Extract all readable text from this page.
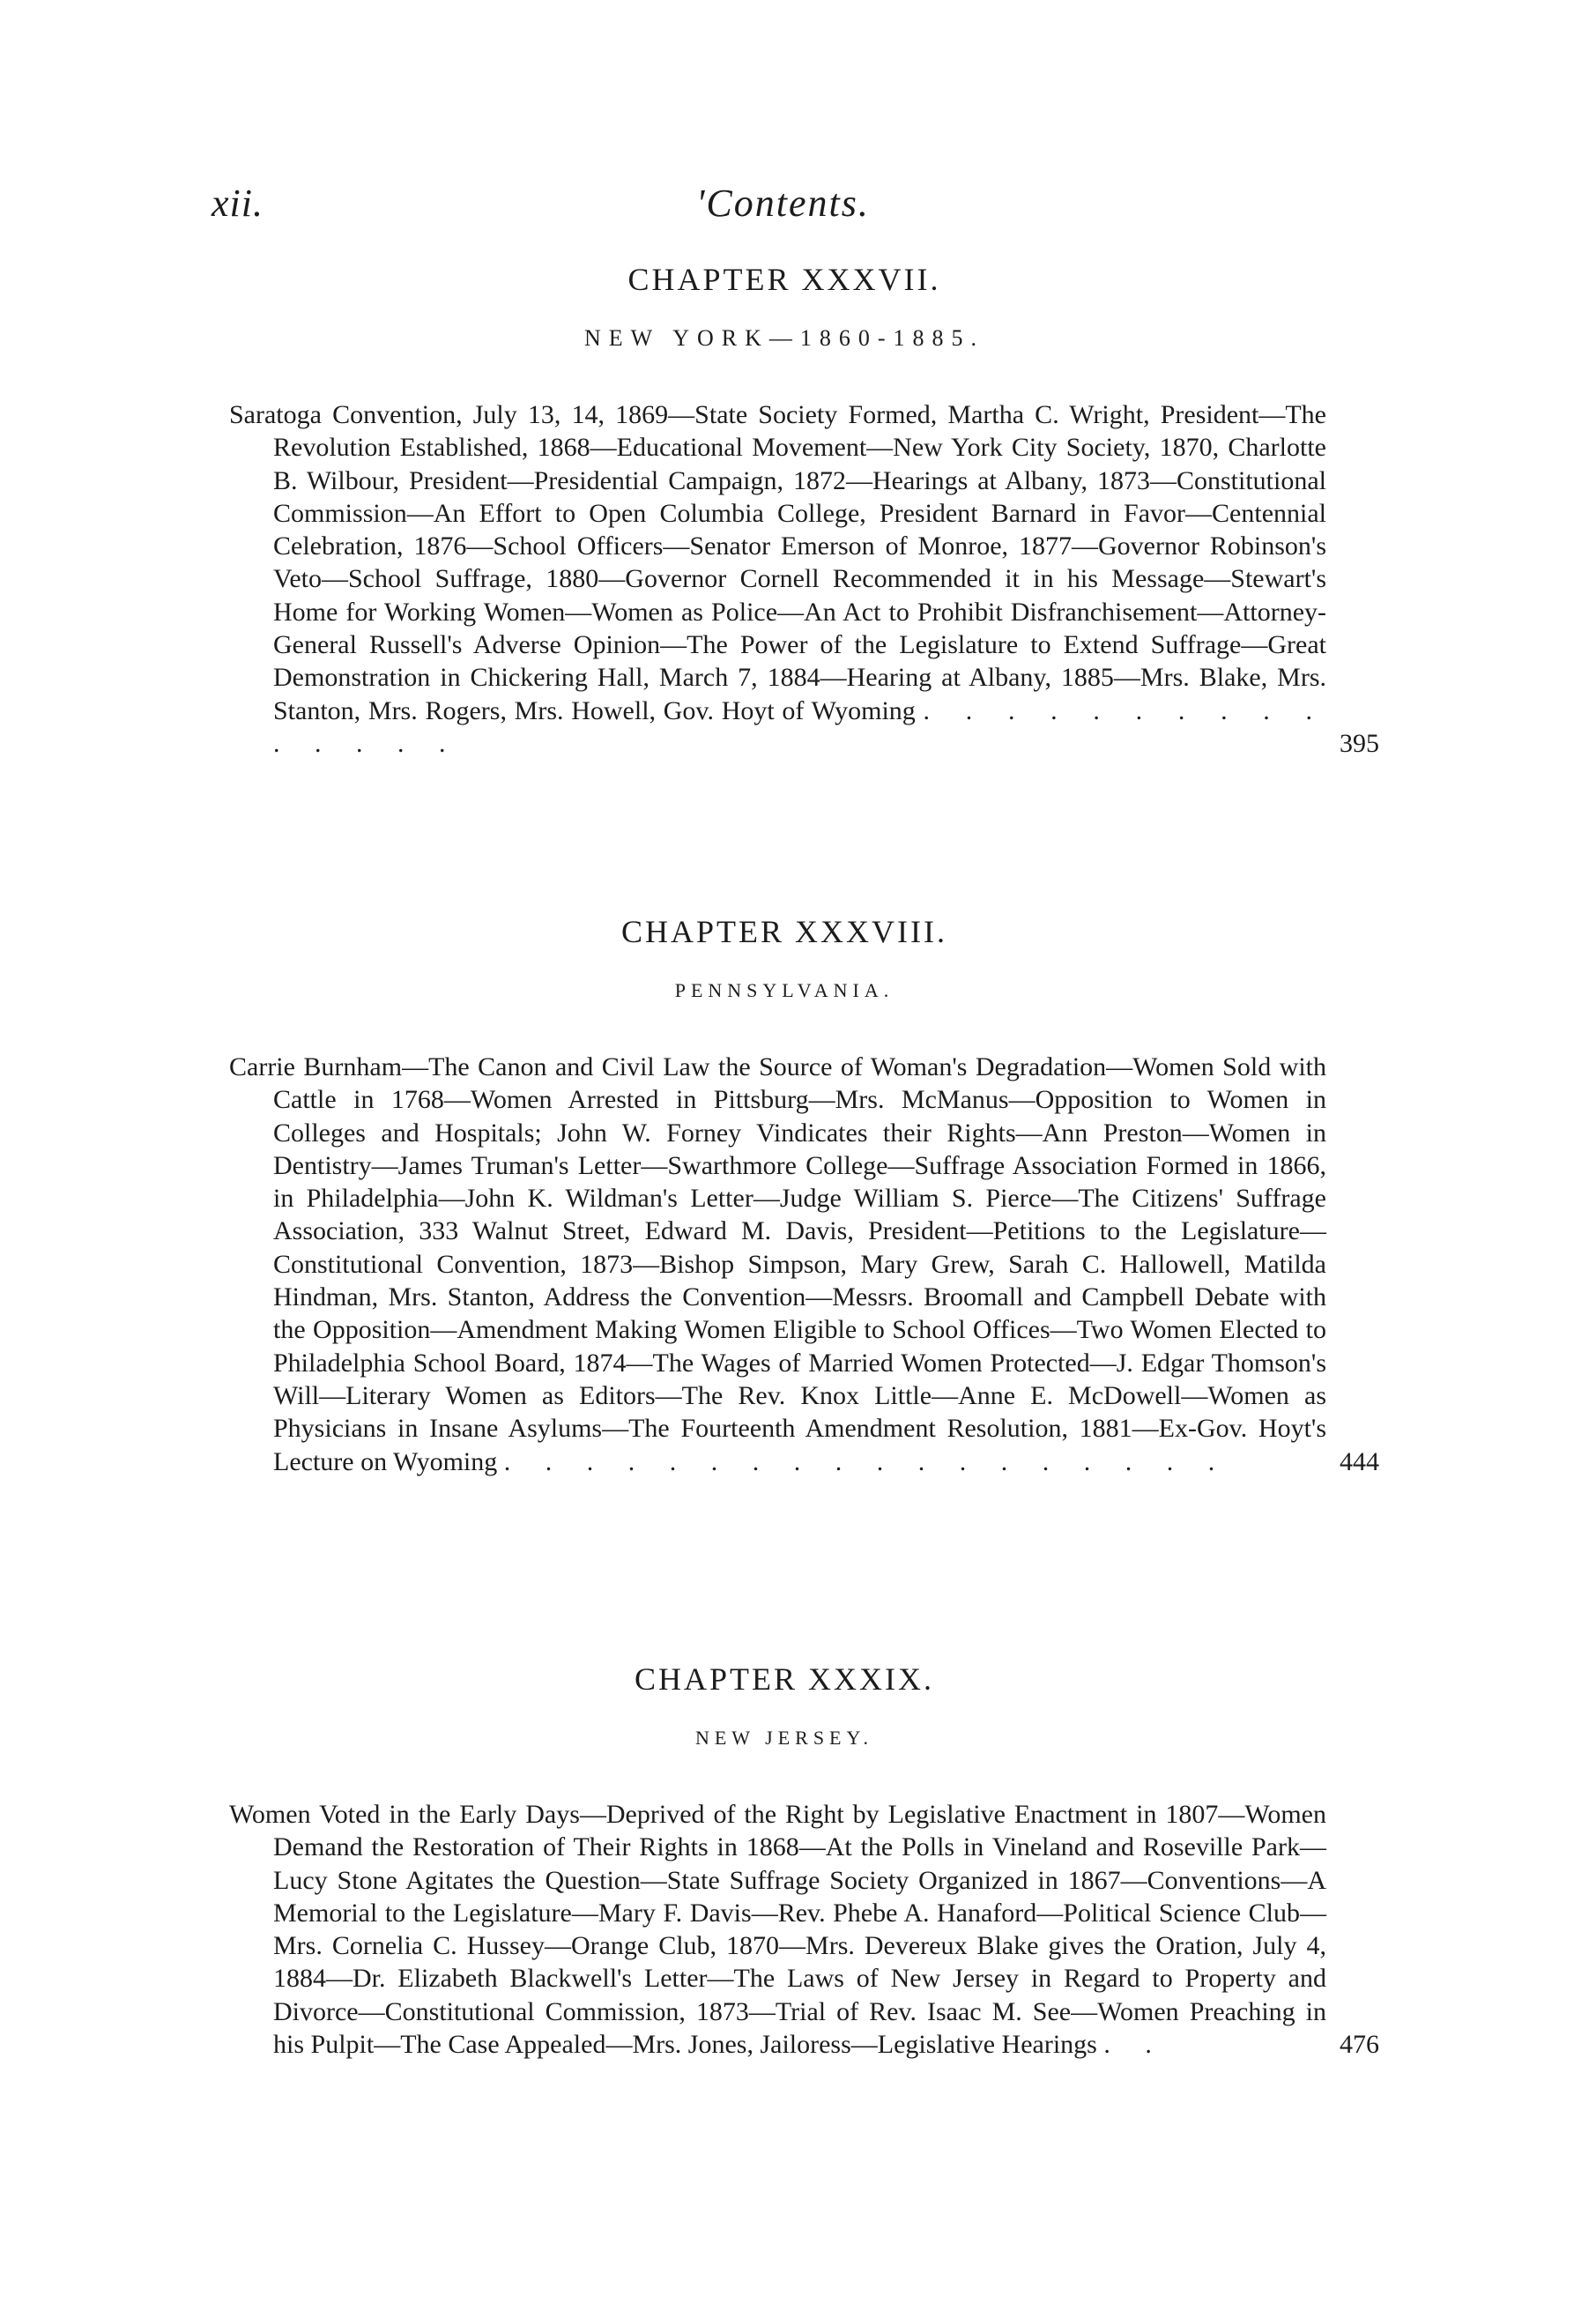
xii.	'Contents.
CHAPTER XXXVII.
NEW YORK—1860-1885.
Saratoga Convention, July 13, 14, 1869—State Society Formed, Martha C. Wright, President—The Revolution Established, 1868—Educational Movement—New York City Society, 1870, Charlotte B. Wilbour, President—Presidential Campaign, 1872—Hearings at Albany, 1873—Constitutional Commission—An Effort to Open Columbia College, President Barnard in Favor—Centennial Celebration, 1876—School Officers—Senator Emerson of Monroe, 1877—Governor Robinson's Veto—School Suffrage, 1880—Governor Cornell Recommended it in his Message—Stewart's Home for Working Women—Women as Police—An Act to Prohibit Disfranchisement—Attorney-General Russell's Adverse Opinion—The Power of the Legislature to Extend Suffrage—Great Demonstration in Chickering Hall, March 7, 1884—Hearing at Albany, 1885—Mrs. Blake, Mrs. Stanton, Mrs. Rogers, Mrs. Howell, Gov. Hoyt of Wyoming . . . . . . . . . . . . . . .	395
CHAPTER XXXVIII.
PENNSYLVANIA.
Carrie Burnham—The Canon and Civil Law the Source of Woman's Degradation—Women Sold with Cattle in 1768—Women Arrested in Pittsburg—Mrs. McManus—Opposition to Women in Colleges and Hospitals; John W. Forney Vindicates their Rights—Ann Preston—Women in Dentistry—James Truman's Letter—Swarthmore College—Suffrage Association Formed in 1866, in Philadelphia—John K. Wildman's Letter—Judge William S. Pierce—The Citizens' Suffrage Association, 333 Walnut Street, Edward M. Davis, President—Petitions to the Legislature—Constitutional Convention, 1873—Bishop Simpson, Mary Grew, Sarah C. Hallowell, Matilda Hindman, Mrs. Stanton, Address the Convention—Messrs. Broomall and Campbell Debate with the Opposition—Amendment Making Women Eligible to School Offices—Two Women Elected to Philadelphia School Board, 1874—The Wages of Married Women Protected—J. Edgar Thomson's Will—Literary Women as Editors—The Rev. Knox Little—Anne E. McDowell—Women as Physicians in Insane Asylums—The Fourteenth Amendment Resolution, 1881—Ex-Gov. Hoyt's Lecture on Wyoming . . . . . . . . . . . . . . . . . .	444
CHAPTER XXXIX.
NEW JERSEY.
Women Voted in the Early Days—Deprived of the Right by Legislative Enactment in 1807—Women Demand the Restoration of Their Rights in 1868—At the Polls in Vineland and Roseville Park—Lucy Stone Agitates the Question—State Suffrage Society Organized in 1867—Conventions—A Memorial to the Legislature—Mary F. Davis—Rev. Phebe A. Hanaford—Political Science Club—Mrs. Cornelia C. Hussey—Orange Club, 1870—Mrs. Devereux Blake gives the Oration, July 4, 1884—Dr. Elizabeth Blackwell's Letter—The Laws of New Jersey in Regard to Property and Divorce—Constitutional Commission, 1873—Trial of Rev. Isaac M. See—Women Preaching in his Pulpit—The Case Appealed—Mrs. Jones, Jailoress—Legislative Hearings . .	476
